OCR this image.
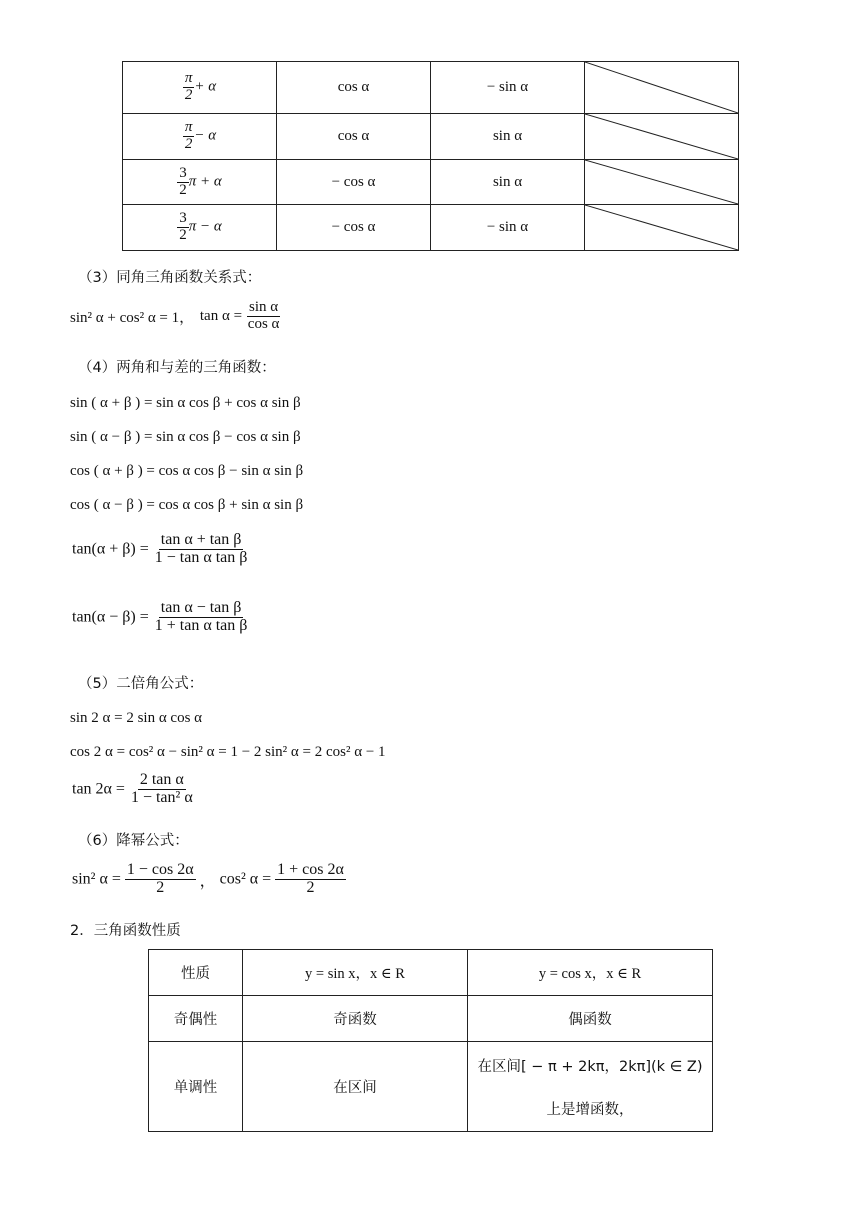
$\frac{\pi}{2} + \alpha$	cos α	− sin α	

$\frac{\pi}{2} - \alpha$	cos α	sin α	

$\frac{3}{2}$ π + α	− cos α	sin α	

$\frac{3}{2}$ π − α	− cos α	− sin α	
（3）同角三角函数关系式：
sin² α + cos² α = 1， $\tan \alpha = \frac{\text{sin α}}{\text{cos α}}$
（4）两角和与差的三角函数：
sin ( α + β ) = sin α cos β + cos α sin β
sin ( α − β ) = sin α cos β − cos α sin β
cos ( α + β ) = cos α cos β − sin α sin β
cos ( α − β ) = cos α cos β + sin α sin β
$\tan(\alpha + \beta) = \frac{\text{tan α + tan β}}{\text{1 − tan α tan β}}$
$\tan(\alpha - \beta) = \frac{\text{tan α − tan β}}{\text{1 + tan α tan β}}$
（5）二倍角公式：
sin 2 α = 2 sin α cos α
cos 2 α = cos² α − sin² α = 1 − 2 sin² α = 2 cos² α − 1
$\tan 2\alpha = \frac{\text{2 tan α}}{\text{1 − tan² α}}$
（6）降幂公式：
sin² $\alpha = \frac{1 - \cos 2\alpha}{2}$ ， cos² $\alpha = \frac{1 + \cos 2\alpha}{2}$
2．三角函数性质
性质	y = sin x，x ∈ R	y = cos x，x ∈ R
奇偶性	奇函数	偶函数
单调性	在区间	在区间[ − π + 2kπ，2kπ](k ∈ Z)
上是增函数，
